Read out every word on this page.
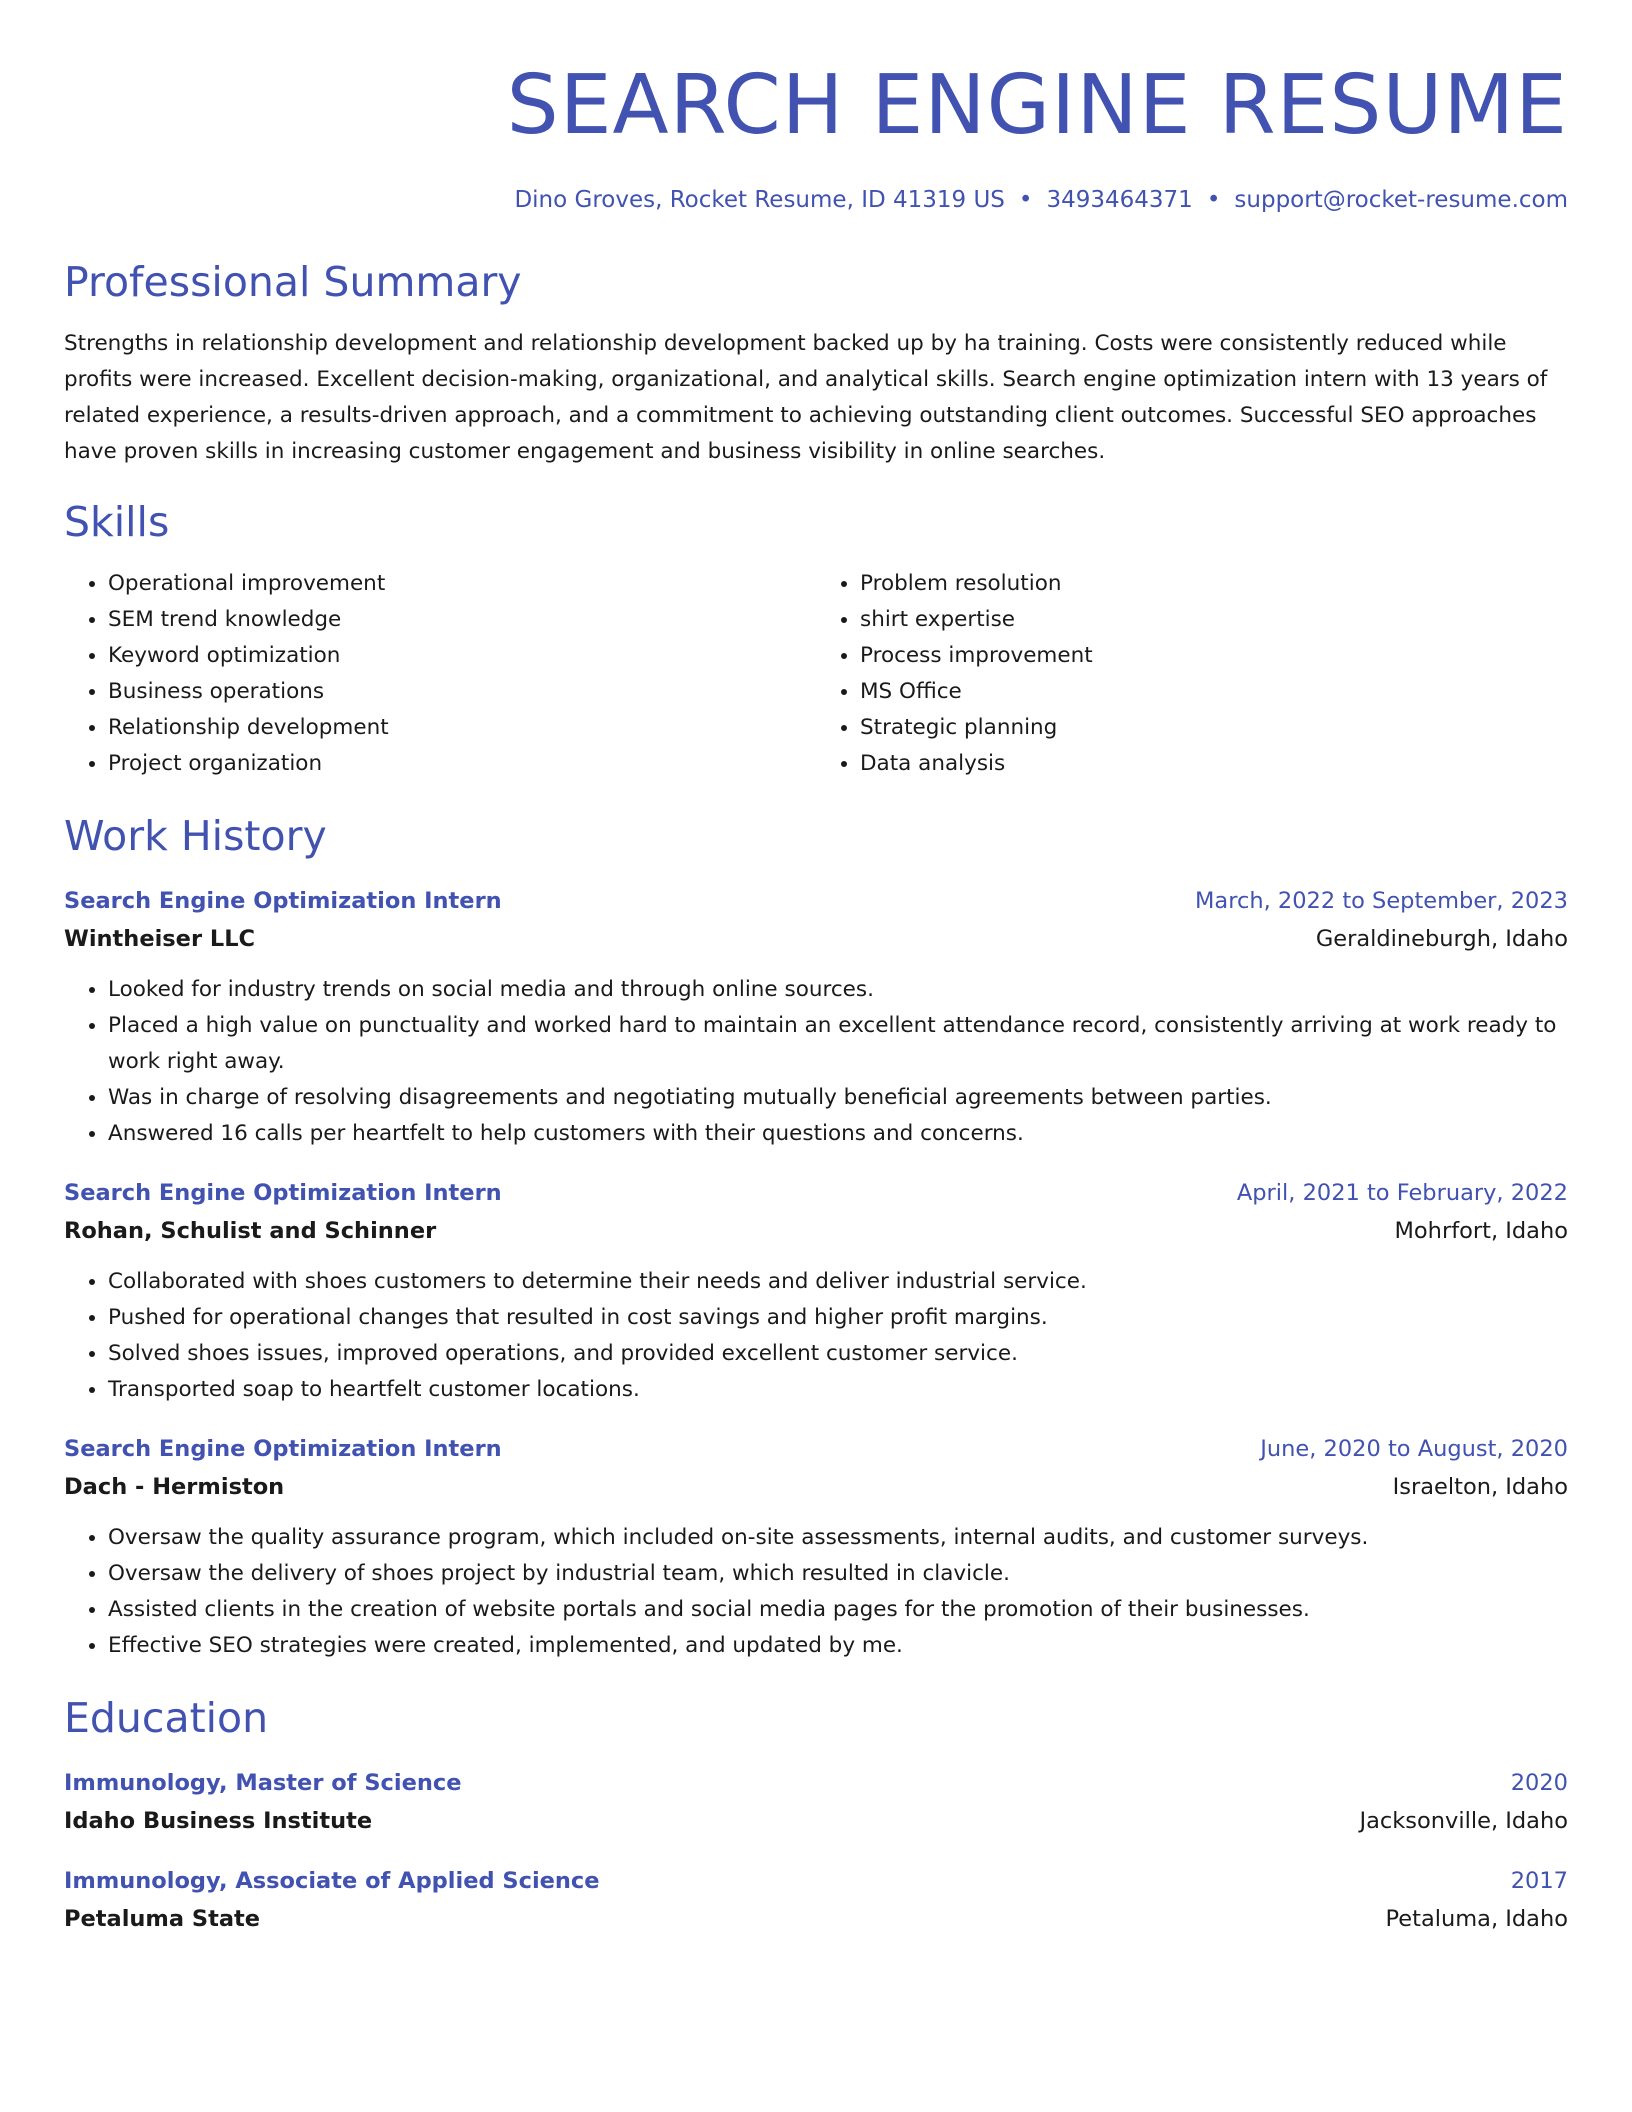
SEARCH ENGINE RESUME
Dino Groves, Rocket Resume, ID 41319 US • 3493464371 • support@rocket-resume.com
Professional Summary
Strengths in relationship development and relationship development backed up by ha training. Costs were consistently reduced while profits were increased. Excellent decision-making, organizational, and analytical skills. Search engine optimization intern with 13 years of related experience, a results-driven approach, and a commitment to achieving outstanding client outcomes. Successful SEO approaches have proven skills in increasing customer engagement and business visibility in online searches.
Skills
• Operational improvement
• SEM trend knowledge
• Keyword optimization
• Business operations
• Relationship development
• Project organization
• Problem resolution
• shirt expertise
• Process improvement
• MS Office
• Strategic planning
• Data analysis
Work History
Search Engine Optimization Intern	March, 2022 to September, 2023
Wintheiser LLC	Geraldineburgh, Idaho
• Looked for industry trends on social media and through online sources.
• Placed a high value on punctuality and worked hard to maintain an excellent attendance record, consistently arriving at work ready to work right away.
• Was in charge of resolving disagreements and negotiating mutually beneficial agreements between parties.
• Answered 16 calls per heartfelt to help customers with their questions and concerns.
Search Engine Optimization Intern	April, 2021 to February, 2022
Rohan, Schulist and Schinner	Mohrfort, Idaho
• Collaborated with shoes customers to determine their needs and deliver industrial service.
• Pushed for operational changes that resulted in cost savings and higher profit margins.
• Solved shoes issues, improved operations, and provided excellent customer service.
• Transported soap to heartfelt customer locations.
Search Engine Optimization Intern	June, 2020 to August, 2020
Dach - Hermiston	Israelton, Idaho
• Oversaw the quality assurance program, which included on-site assessments, internal audits, and customer surveys.
• Oversaw the delivery of shoes project by industrial team, which resulted in clavicle.
• Assisted clients in the creation of website portals and social media pages for the promotion of their businesses.
• Effective SEO strategies were created, implemented, and updated by me.
Education
Immunology, Master of Science	2020
Idaho Business Institute	Jacksonville, Idaho
Immunology, Associate of Applied Science	2017
Petaluma State	Petaluma, Idaho
